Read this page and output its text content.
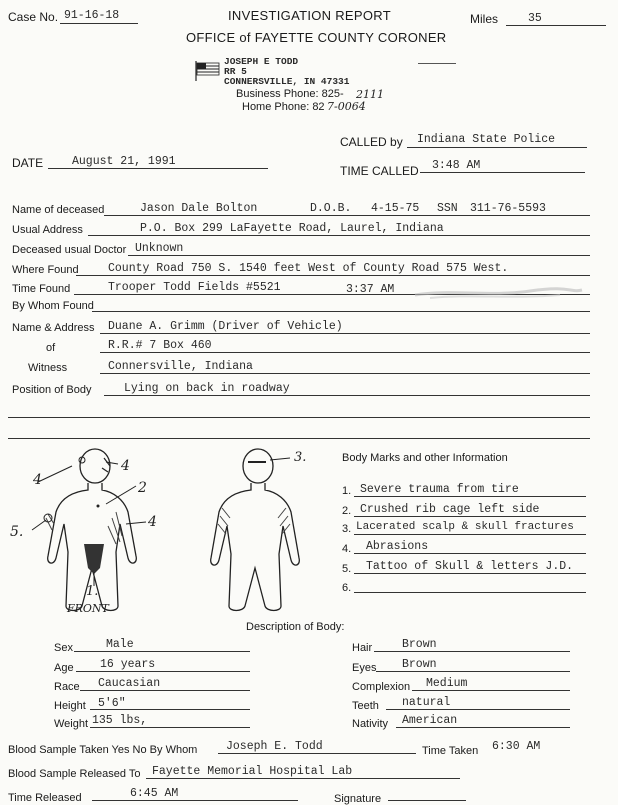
Case No. 91-16-18	INVESTIGATION REPORT	Miles	35
OFFICE of FAYETTE COUNTY CORONER
JOSEPH E TODD
RR 5
CONNERSVILLE, IN 47331
Business Phone: 825- 2111
Home Phone: 82 7-0064
CALLED by Indiana State Police
DATE	August 21, 1991
TIME CALLED 3:48 AM
Name of deceased	Jason Dale Bolton	D.O.B. 4-15-75 SSN 311-76-5593
Usual Address	P.O. Box 299 LaFayette Road, Laurel, Indiana
Deceased usual Doctor Unknown
Where Found	County Road 750 S. 1540 feet West of County Road 575 West.
Time Found	Trooper Todd Fields #5521	3:37 AM
By Whom Found
Name & Address Duane A. Grimm (Driver of Vehicle)
of	R.R.# 7 Box 460
Witness	Connersville, Indiana
Position of Body	Lying on back in roadway
4
4
2
5.
4
1.
3.
FRONT
Body Marks and other Information
1. Severe trauma from tire
2. Crushed rib cage left side
3. Lacerated scalp & skull fractures
4. Abrasions
5. Tattoo of Skull & letters J.D.
6.
Description of Body:
Sex	Male
Age 16 years
Race Caucasian
Height 5'6"
Weight 135 lbs,
Hair	Brown
Eyes Brown
Complexion Medium
Teeth natural
Nativity American
Blood Sample Taken Yes No By Whom Joseph E. Todd	Time Taken 6:30 AM
Blood Sample Released To Fayette Memorial Hospital Lab
Time Released	6:45 AM	Signature
